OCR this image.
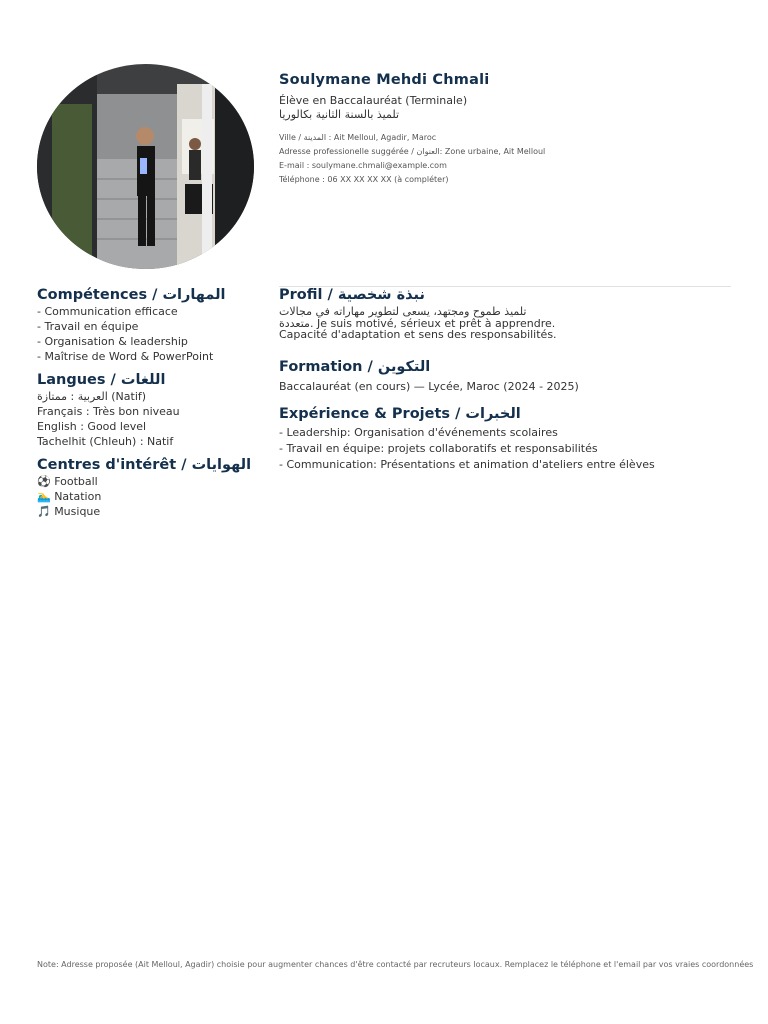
Soulymane Mehdi Chmali
Élève en Baccalauréat (Terminale)
تلميذ بالسنة الثانية بكالوريا
Ville / المدينة : Ait Melloul, Agadir, Maroc
Adresse professionelle suggérée / العنوان: Zone urbaine, Ait Melloul
E-mail : soulymane.chmali@example.com
Téléphone : 06 XX XX XX XX (à compléter)
Compétences / المهارات
- Communication efficace
- Travail en équipe
- Organisation & leadership
- Maîtrise de Word & PowerPoint
Langues / اللغات
العربية : ممتازة (Natif)
Français : Très bon niveau
English : Good level
Tachelhit (Chleuh) : Natif
Centres d'intérêt / الهوايات
⚽ Football
🏊‍♂ Natation
🎵 Musique
Profil / نبذة شخصية

تلميذ طموح ومجتهد، يسعى لتطوير مهاراته في مجالات
متعددة. Je suis motivé, sérieux et prêt à apprendre.
Capacité d'adaptation et sens des responsabilités.

Formation / التكوين

Baccalauréat (en cours) — Lycée, Maroc (2024 - 2025)

Expérience & Projets / الخبرات
- Leadership: Organisation d'événements scolaires
- Travail en équipe: projets collaboratifs et responsabilités
- Communication: Présentations et animation d'ateliers entre élèves
Note: Adresse proposée (Ait Melloul, Agadir) choisie pour augmenter chances d'être contacté par recruteurs locaux. Remplacez le téléphone et l'email par vos vraies coordonnées
